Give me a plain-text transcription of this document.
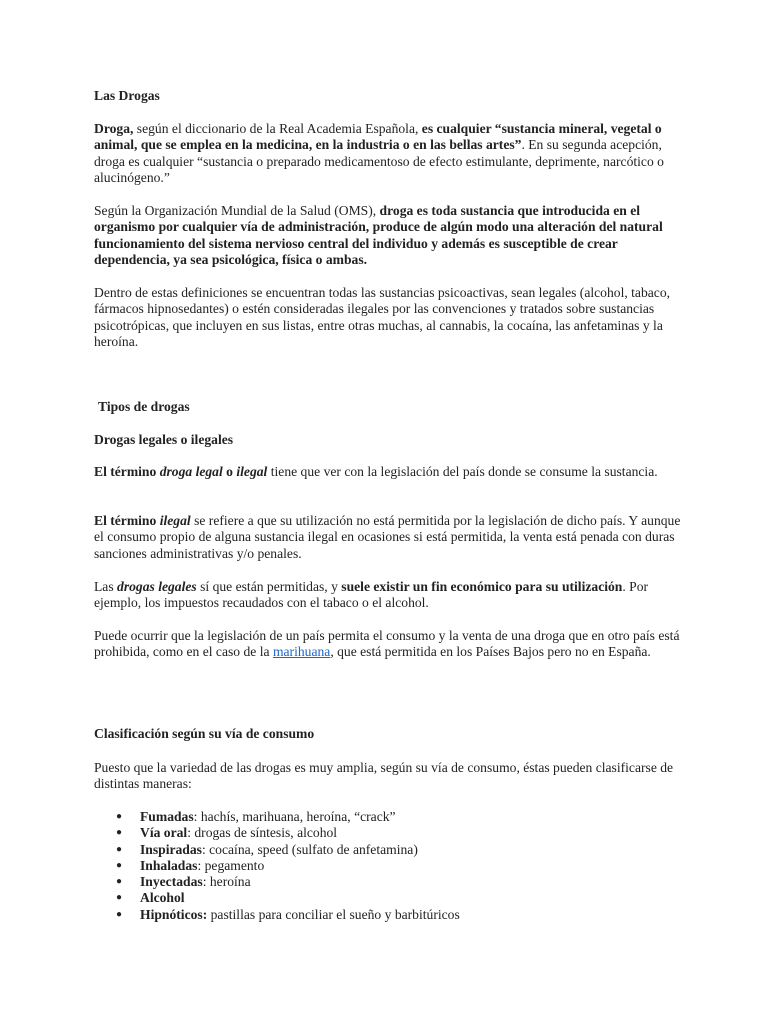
Las Drogas

Droga, según el diccionario de la Real Academia Española, es cualquier “sustancia mineral, vegetal o animal, que se emplea en la medicina, en la industria o en las bellas artes”. En su segunda acepción, droga es cualquier “sustancia o preparado medicamentoso de efecto estimulante, deprimente, narcótico o alucinógeno.”

Según la Organización Mundial de la Salud (OMS), droga es toda sustancia que introducida en el organismo por cualquier vía de administración, produce de algún modo una alteración del natural funcionamiento del sistema nervioso central del individuo y además es susceptible de crear dependencia, ya sea psicológica, física o ambas.

Dentro de estas definiciones se encuentran todas las sustancias psicoactivas, sean legales (alcohol, tabaco, fármacos hipnosedantes) o estén consideradas ilegales por las convenciones y tratados sobre sustancias psicotrópicas, que incluyen en sus listas, entre otras muchas, al cannabis, la cocaína, las anfetaminas y la heroína.

Tipos de drogas

Drogas legales o ilegales

El término droga legal o ilegal tiene que ver con la legislación del país donde se consume la sustancia.

El término ilegal se refiere a que su utilización no está permitida por la legislación de dicho país. Y aunque el consumo propio de alguna sustancia ilegal en ocasiones si está permitida, la venta está penada con duras sanciones administrativas y/o penales.

Las drogas legales sí que están permitidas, y suele existir un fin económico para su utilización. Por ejemplo, los impuestos recaudados con el tabaco o el alcohol.

Puede ocurrir que la legislación de un país permita el consumo y la venta de una droga que en otro país está prohibida, como en el caso de la marihuana, que está permitida en los Países Bajos pero no en España.

Clasificación según su vía de consumo

Puesto que la variedad de las drogas es muy amplia, según su vía de consumo, éstas pueden clasificarse de distintas maneras:

● Fumadas: hachís, marihuana, heroína, “crack”
● Vía oral: drogas de síntesis, alcohol
● Inspiradas: cocaína, speed (sulfato de anfetamina)
● Inhaladas: pegamento
● Inyectadas: heroína
● Alcohol
● Hipnóticos: pastillas para conciliar el sueño y barbitúricos
